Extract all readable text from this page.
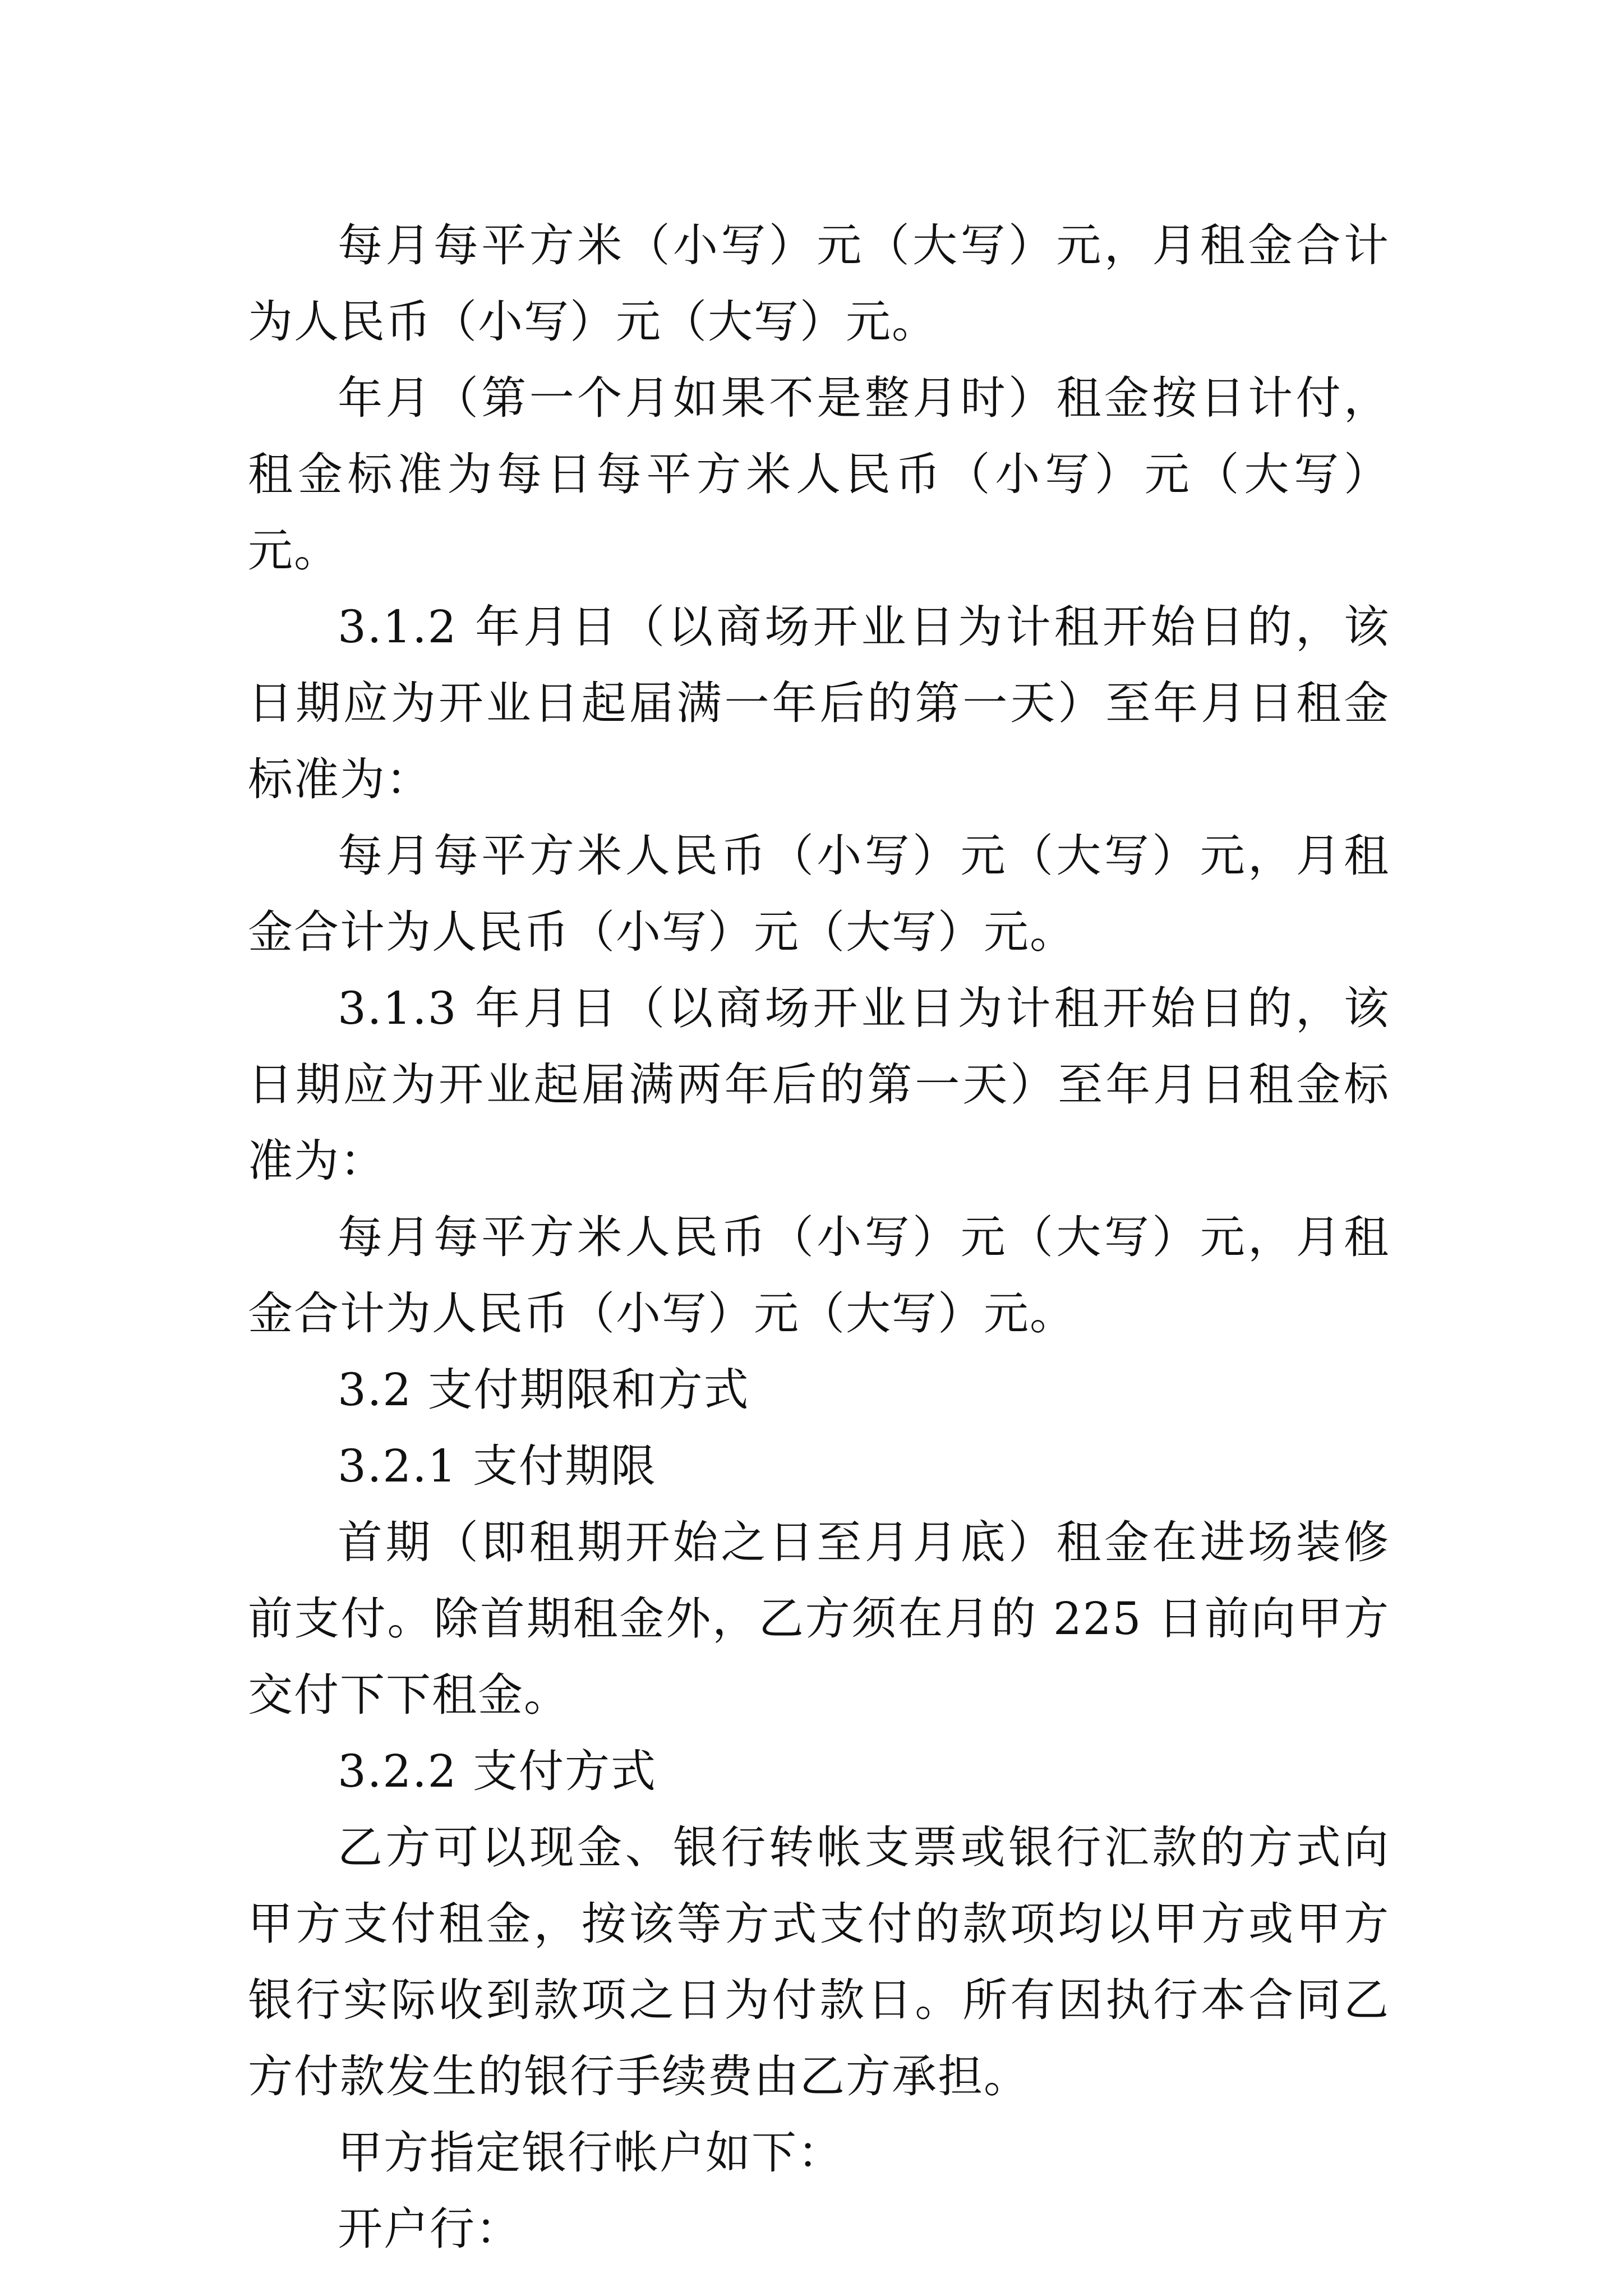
每月每平方米（小写）元（大写）元，月租金合计为人民币（小写）元（大写）元。

年月（第一个月如果不是整月时）租金按日计付，租金标准为每日每平方米人民币（小写）元（大写）元。

3.1.2 年月日（以商场开业日为计租开始日的，该日期应为开业日起届满一年后的第一天）至年月日租金标准为：

每月每平方米人民币（小写）元（大写）元，月租金合计为人民币（小写）元（大写）元。

3.1.3 年月日（以商场开业日为计租开始日的，该日期应为开业起届满两年后的第一天）至年月日租金标准为：

每月每平方米人民币（小写）元（大写）元，月租金合计为人民币（小写）元（大写）元。

3.2 支付期限和方式

3.2.1 支付期限

首期（即租期开始之日至月月底）租金在进场装修前支付。除首期租金外，乙方须在月的 225 日前向甲方交付下下租金。

3.2.2 支付方式

乙方可以现金、银行转帐支票或银行汇款的方式向甲方支付租金，按该等方式支付的款项均以甲方或甲方银行实际收到款项之日为付款日。所有因执行本合同乙方付款发生的银行手续费由乙方承担。

甲方指定银行帐户如下：

开户行：
